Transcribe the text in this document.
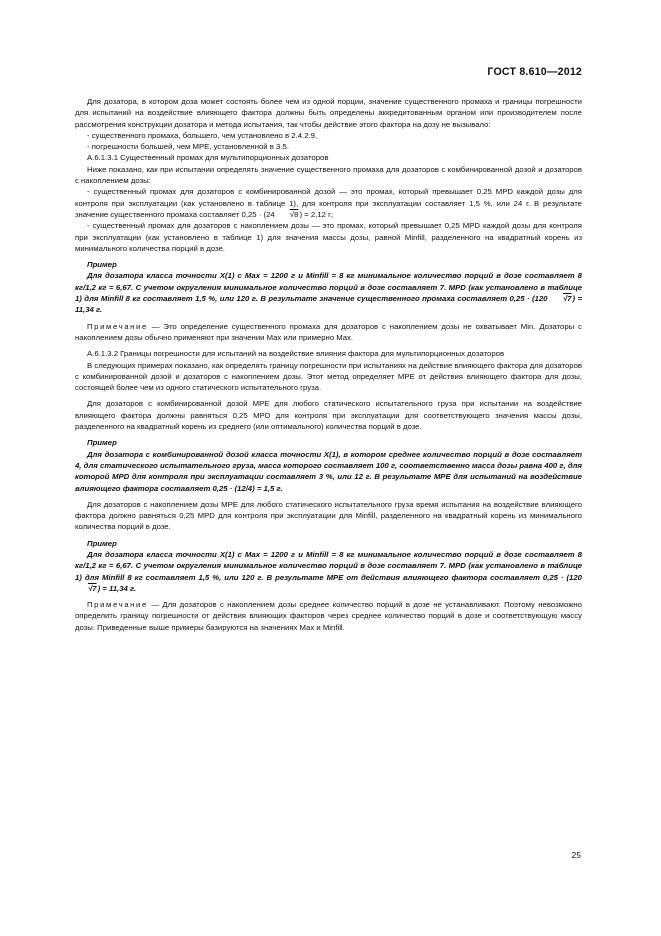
ГОСТ 8.610—2012

Для дозатора, в котором доза может состоять более чем из одной порции, значение существенного промаха и границы погрешности для испытаний на воздействие влияющего фактора должны быть определены аккредитованным органом или производителем после рассмотрения конструкции дозатора и метода испытания, так чтобы действие этого фактора на дозу не вызывало:

- существенного промаха, большего, чем установлено в 2.4.2.9,

- погрешности большей, чем МРЕ, установленной в 3.5.

А.6.1.3.1 Существенный промах для мультипорционных дозаторов

Ниже показано, как при испытании определять значение существенного промаха для дозаторов с комбинированной дозой и дозаторов с накоплением дозы:

- существенный промах для дозаторов с комбинированной дозой — это промах, который превышает 0,25 MPD каждой дозы для контроля при эксплуатации (как установлено в таблице 1), для контроля при эксплуатации составляет 1,5 %, или 24 г. В результате значение существенного промаха составляет 0,25 · (24 √8) = 2,12 г;

- существенный промах для дозаторов с накоплением дозы — это промах, который превышает 0,25 MPD каждой дозы для контроля при эксплуатации (как установлено в таблице 1) для значения массы дозы, равной Minfill, разделенного на квадратный корень из минимального количества порций в дозе.

Пример

Для дозатора класса точности X(1) с Max = 1200 г и Minfill = 8 кг минимальное количество порций в дозе составляет 8 кг/1,2 кг = 6,67. С учетом округления минимальное количество порций в дозе составляет 7. MPD (как установлено в таблице 1) для Minfill 8 кг составляет 1,5 %, или 120 г. В результате значение существенного промаха составляет 0,25 · (120 √7) = 11,34 г.

Примечание — Это определение существенного промаха для дозаторов с накоплением дозы не охватывает Min. Дозаторы с накоплением дозы обычно применяют при значении Max или примерно Max.

А.6.1.3.2 Границы погрешности для испытаний на воздействие влияния фактора для мультипорционных дозаторов

В следующих примерах показано, как определять границу погрешности при испытаниях на действие влияющего фактора для дозаторов с комбинированной дозой и дозаторов с накоплением дозы. Этот метод определяет МРЕ от действия влияющего фактора для дозы, состоящей более чем из одного статического испытательного груза.

Для дозаторов с комбинированной дозой МРЕ для любого статического испытательного груза при испытании на воздействие влияющего фактора должны равняться 0,25 MPD для контроля при эксплуатации для соответствующего значения массы дозы, разделенного на квадратный корень из среднего (или оптимального) количества порций в дозе.

Пример

Для дозатора с комбинированной дозой класса точности X(1), в котором среднее количество порций в дозе составляет 4, для статического испытательного груза, масса которого составляет 100 г, соответственно масса дозы равна 400 г, для которой MPD для контроля при эксплуатации составляет 3 %, или 12 г. В результате МРЕ для испытаний на воздействие влияющего фактора составляет 0,25 · (12/4) = 1,5 г.

Для дозаторов с накоплением дозы МРЕ для любого статического испытательного груза время испытания на воздействие влияющего фактора должно равняться 0,25 MPD для контроля при эксплуатации для Minfill, разделенного на квадратный корень из минимального количества порций в дозе.

Пример

Для дозатора класса точности X(1) с Max = 1200 г и Minfill = 8 кг минимальное количество порций в дозе составляет 8 кг/1,2 кг = 6,67. С учетом округления минимальное количество порций в дозе составляет 7. MPD (как установлено в таблице 1) для Minfill 8 кг составляет 1,5 %, или 120 г. В результате МРЕ от действия влияющего фактора составляет 0,25 · (120 √7) = 11,34 г.

Примечание — Для дозаторов с накоплением дозы среднее количество порций в дозе не устанавливают. Поэтому невозможно определить границу погрешности от действия влияющих факторов через среднее количество порций в дозе и соответствующую массу дозы. Приведенные выше примеры базируются на значениях Max и Minfill.

25
